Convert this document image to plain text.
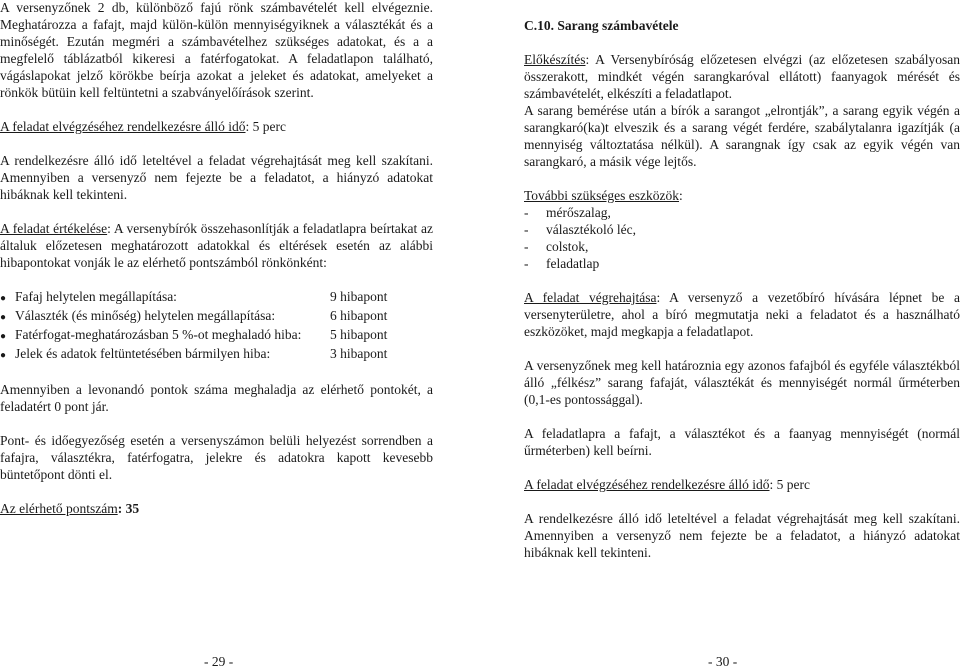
A versenyzőnek 2 db, különböző fajú rönk számbavételét kell elvégeznie. Meghatározza a fafajt, majd külön-külön mennyiségyiknek a választékát és a minőségét. Ezután megméri a számbavételhez szükséges adatokat, és a a megfelelő táblázatból kikeresi a fatérfogatokat. A feladatlapon található, vágáslapokat jelző körökbe beírja azokat a jeleket és adatokat, amelyeket a rönkök bütüin kell feltüntetni a szabványelőírások szerint.

A feladat elvégzéséhez rendelkezésre álló idő: 5 perc

A rendelkezésre álló idő leteltével a feladat végrehajtását meg kell szakítani. Amennyiben a versenyző nem fejezte be a feladatot, a hiányzó adatokat hibáknak kell tekinteni.

A feladat értékelése: A versenybírók összehasonlítják a feladatlapra beírtakat az általuk előzetesen meghatározott adatokkal és eltérések esetén az alábbi hibapontokat vonják le az elérhető pontszámból rönkönként:

● Fafaj helytelen megállapítása:	9 hibapont
● Választék (és minőség) helytelen megállapítása:	6 hibapont
● Fatérfogat-meghatározásban 5 %-ot meghaladó hiba:	5 hibapont
● Jelek és adatok feltüntetésében bármilyen hiba:	3 hibapont

Amennyiben a levonandó pontok száma meghaladja az elérhető pontokét, a feladatért 0 pont jár.

Pont- és időegyezőség esetén a versenyszámon belüli helyezést sorrendben a fafajra, választékra, fatérfogatra, jelekre és adatokra kapott kevesebb büntetőpont dönti el.

Az elérhető pontszám: 35

C.10. Sarang számbavétele

Előkészítés: A Versenybíróság előzetesen elvégzi (az előzetesen szabályosan összerakott, mindkét végén sarangkaróval ellátott) faanyagok mérését és számbavételét, elkészíti a feladatlapot.

A sarang bemérése után a bírók a sarangot „elrontják”, a sarang egyik végén a sarangkaró(ka)t elveszik és a sarang végét ferdére, szabálytalanra igazítják (a mennyiség változtatása nélkül). A sarangnak így csak az egyik végén van sarangkaró, a másik vége lejtős.

További szükséges eszközök:

-	mérőszalag,
-	választékoló léc,
-	colstok,
-	feladatlap

A feladat végrehajtása: A versenyző a vezetőbíró hívására lépnet be a versenyterületre, ahol a bíró megmutatja neki a feladatot és a használható eszközöket, majd megkapja a feladatlapot.

A versenyzőnek meg kell határoznia egy azonos fafajból és egyféle választékból álló „félkész” sarang fafaját, választékát és mennyiségét normál űrméterben (0,1-es pontossággal).

A feladatlapra a fafajt, a választékot és a faanyag mennyiségét (normál űrméterben) kell beírni.

A feladat elvégzéséhez rendelkezésre álló idő: 5 perc

A rendelkezésre álló idő leteltével a feladat végrehajtását meg kell szakítani. Amennyiben a versenyző nem fejezte be a feladatot, a hiányzó adatokat hibáknak kell tekinteni.

- 29 -	- 30 -
